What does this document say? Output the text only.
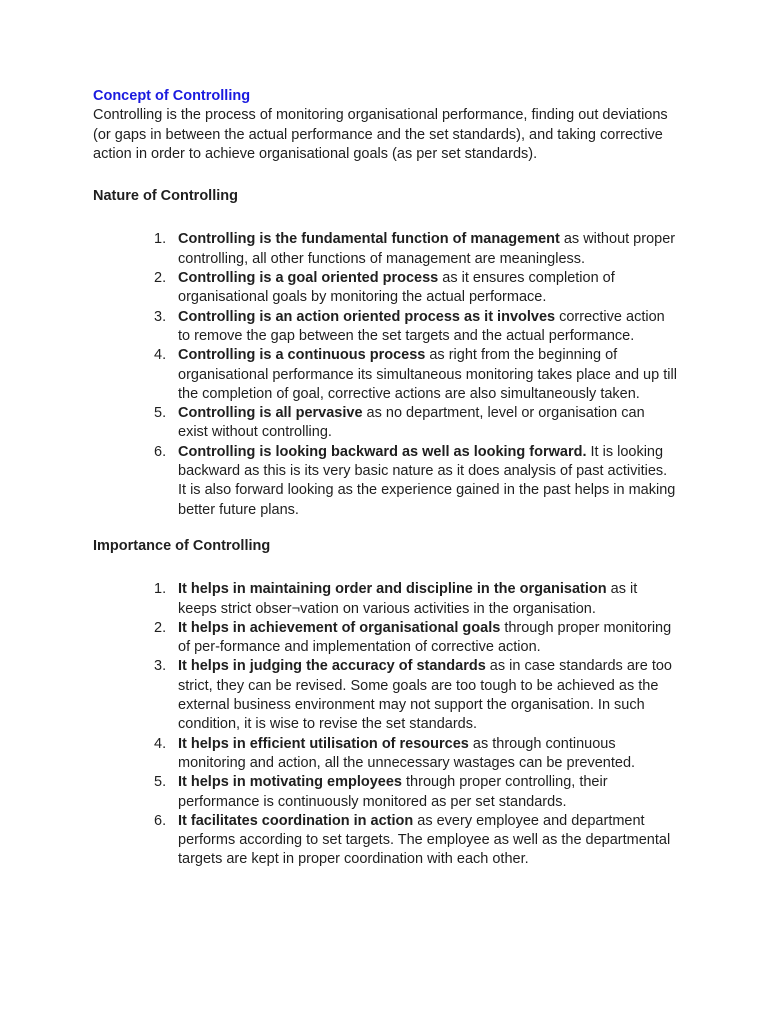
Concept of Controlling
Controlling is the process of monitoring organisational performance, finding out deviations (or gaps in between the actual performance and the set standards), and taking corrective action in order to achieve organisational goals (as per set standards).
Nature of Controlling
1. Controlling is the fundamental function of management as without proper controlling, all other functions of management are meaningless.
2. Controlling is a goal oriented process as it ensures completion of organisational goals by monitoring the actual performace.
3. Controlling is an action oriented process as it involves corrective action to remove the gap between the set targets and the actual performance.
4. Controlling is a continuous process as right from the beginning of organisational performance its simultaneous monitoring takes place and up till the completion of goal, corrective actions are also simultaneously taken.
5. Controlling is all pervasive as no department, level or organisation can exist without controlling.
6. Controlling is looking backward as well as looking forward. It is looking backward as this is its very basic nature as it does analysis of past activities. It is also forward looking as the experience gained in the past helps in making better future plans.
Importance of Controlling
1. It helps in maintaining order and discipline in the organisation as it keeps strict obser¬vation on various activities in the organisation.
2. It helps in achievement of organisational goals through proper monitoring of per-formance and implementation of corrective action.
3. It helps in judging the accuracy of standards as in case standards are too strict, they can be revised. Some goals are too tough to be achieved as the external business environment may not support the organisation. In such condition, it is wise to revise the set standards.
4. It helps in efficient utilisation of resources as through continuous monitoring and action, all the unnecessary wastages can be prevented.
5. It helps in motivating employees through proper controlling, their performance is continuously monitored as per set standards.
6. It facilitates coordination in action as every employee and department performs according to set targets. The employee as well as the departmental targets are kept in proper coordination with each other.
